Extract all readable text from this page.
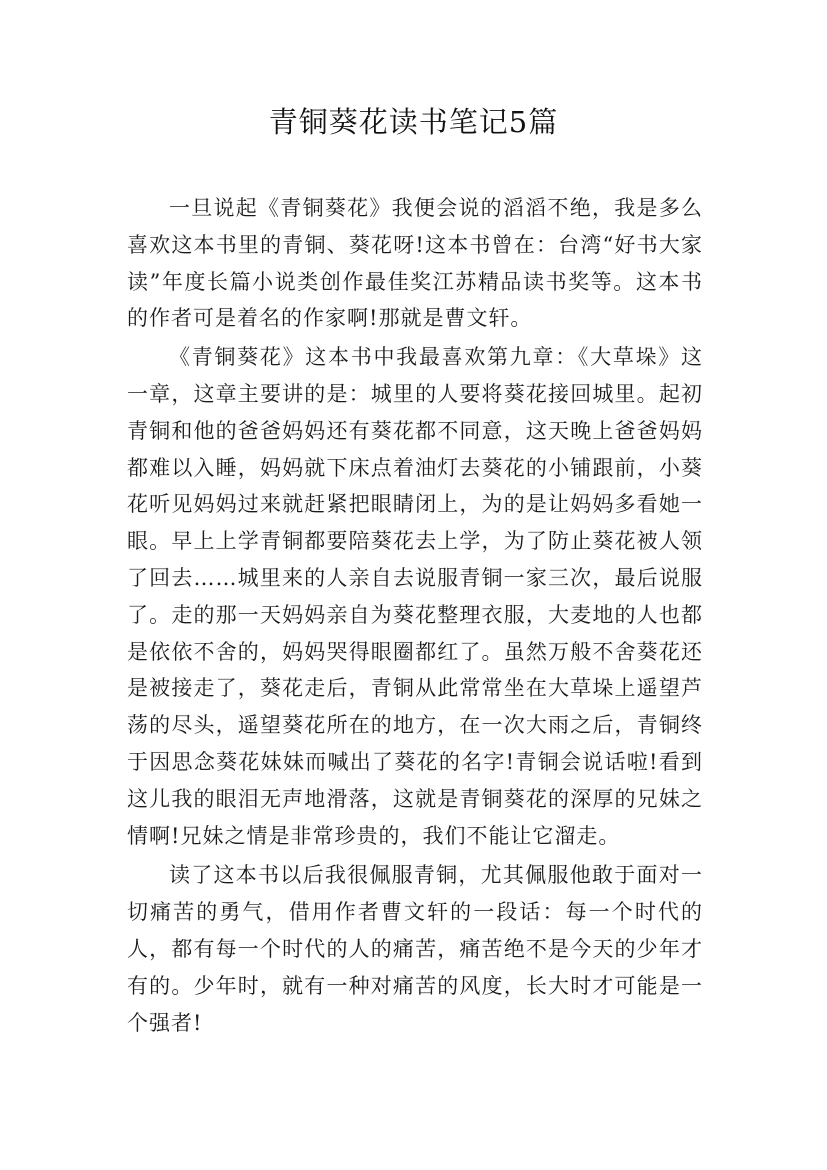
青铜葵花读书笔记5篇

一旦说起《青铜葵花》我便会说的滔滔不绝，我是多么喜欢这本书里的青铜、葵花呀!这本书曾在：台湾“好书大家读”年度长篇小说类创作最佳奖江苏精品读书奖等。这本书的作者可是着名的作家啊!那就是曹文轩。

《青铜葵花》这本书中我最喜欢第九章：《大草垛》这一章，这章主要讲的是：城里的人要将葵花接回城里。起初青铜和他的爸爸妈妈还有葵花都不同意，这天晚上爸爸妈妈都难以入睡，妈妈就下床点着油灯去葵花的小铺跟前，小葵花听见妈妈过来就赶紧把眼睛闭上，为的是让妈妈多看她一眼。早上上学青铜都要陪葵花去上学，为了防止葵花被人领了回去……城里来的人亲自去说服青铜一家三次，最后说服了。走的那一天妈妈亲自为葵花整理衣服，大麦地的人也都是依依不舍的，妈妈哭得眼圈都红了。虽然万般不舍葵花还是被接走了，葵花走后，青铜从此常常坐在大草垛上遥望芦荡的尽头，遥望葵花所在的地方，在一次大雨之后，青铜终于因思念葵花妹妹而喊出了葵花的名字!青铜会说话啦!看到这儿我的眼泪无声地滑落，这就是青铜葵花的深厚的兄妹之情啊!兄妹之情是非常珍贵的，我们不能让它溜走。

读了这本书以后我很佩服青铜，尤其佩服他敢于面对一切痛苦的勇气，借用作者曹文轩的一段话：每一个时代的人，都有每一个时代的人的痛苦，痛苦绝不是今天的少年才有的。少年时，就有一种对痛苦的风度，长大时才可能是一个强者!
